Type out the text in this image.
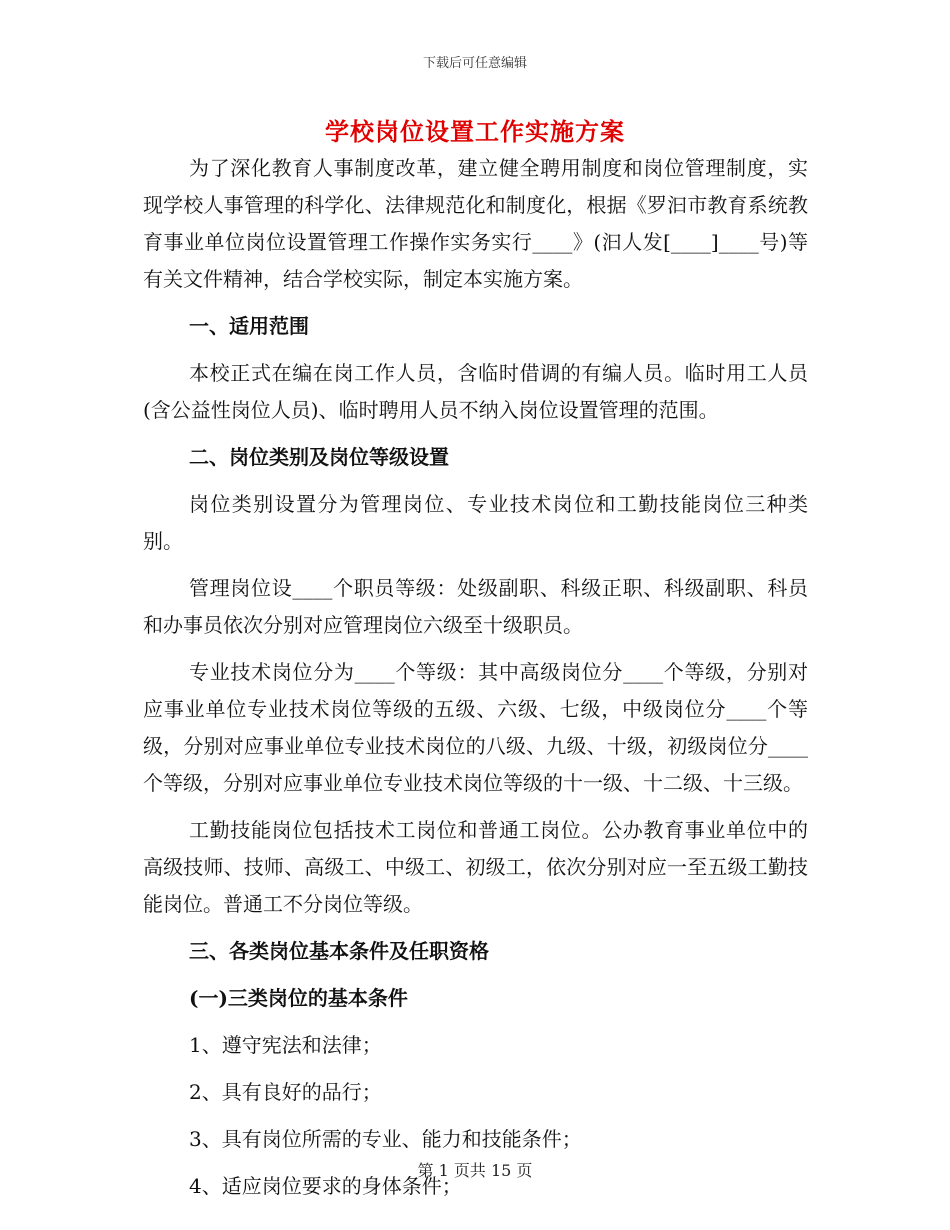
下载后可任意编辑
学校岗位设置工作实施方案

为了深化教育人事制度改革，建立健全聘用制度和岗位管理制度，实现学校人事管理的科学化、法律规范化和制度化，根据《罗汩市教育系统教育事业单位岗位设置管理工作操作实务实行____》(汩人发[____]____号)等有关文件精神，结合学校实际，制定本实施方案。

一、适用范围

本校正式在编在岗工作人员，含临时借调的有编人员。临时用工人员(含公益性岗位人员)、临时聘用人员不纳入岗位设置管理的范围。

二、岗位类别及岗位等级设置

岗位类别设置分为管理岗位、专业技术岗位和工勤技能岗位三种类别。

管理岗位设____个职员等级：处级副职、科级正职、科级副职、科员和办事员依次分别对应管理岗位六级至十级职员。

专业技术岗位分为____个等级：其中高级岗位分____个等级，分别对应事业单位专业技术岗位等级的五级、六级、七级，中级岗位分____个等级，分别对应事业单位专业技术岗位的八级、九级、十级，初级岗位分____个等级，分别对应事业单位专业技术岗位等级的十一级、十二级、十三级。

工勤技能岗位包括技术工岗位和普通工岗位。公办教育事业单位中的高级技师、技师、高级工、中级工、初级工，依次分别对应一至五级工勤技能岗位。普通工不分岗位等级。

三、各类岗位基本条件及任职资格

(一)三类岗位的基本条件

1、遵守宪法和法律；

2、具有良好的品行；

3、具有岗位所需的专业、能力和技能条件；

4、适应岗位要求的身体条件；

第 1 页共 15 页
